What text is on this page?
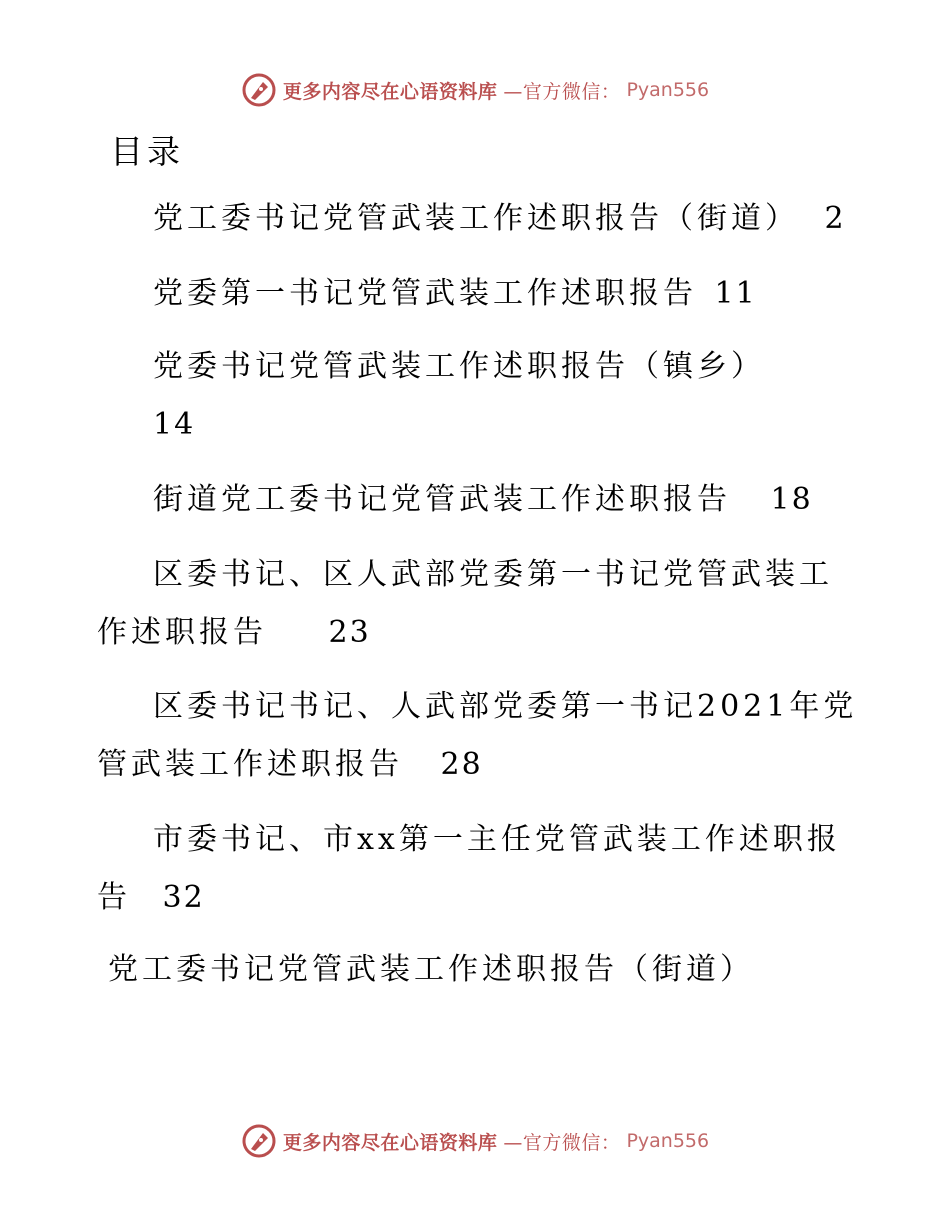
更多内容尽在心语资料库 —官方微信： Pyan556
目录
党工委书记党管武装工作述职报告（街道） 2
党委第一书记党管武装工作述职报告 11
党委书记党管武装工作述职报告（镇乡）
14
街道党工委书记党管武装工作述职报告 18
区委书记、区人武部党委第一书记党管武装工
作述职报告 23
区委书记书记、人武部党委第一书记2021年党
管武装工作述职报告 28
市委书记、市xx第一主任党管武装工作述职报
告 32
党工委书记党管武装工作述职报告（街道）
更多内容尽在心语资料库 —官方微信： Pyan556
